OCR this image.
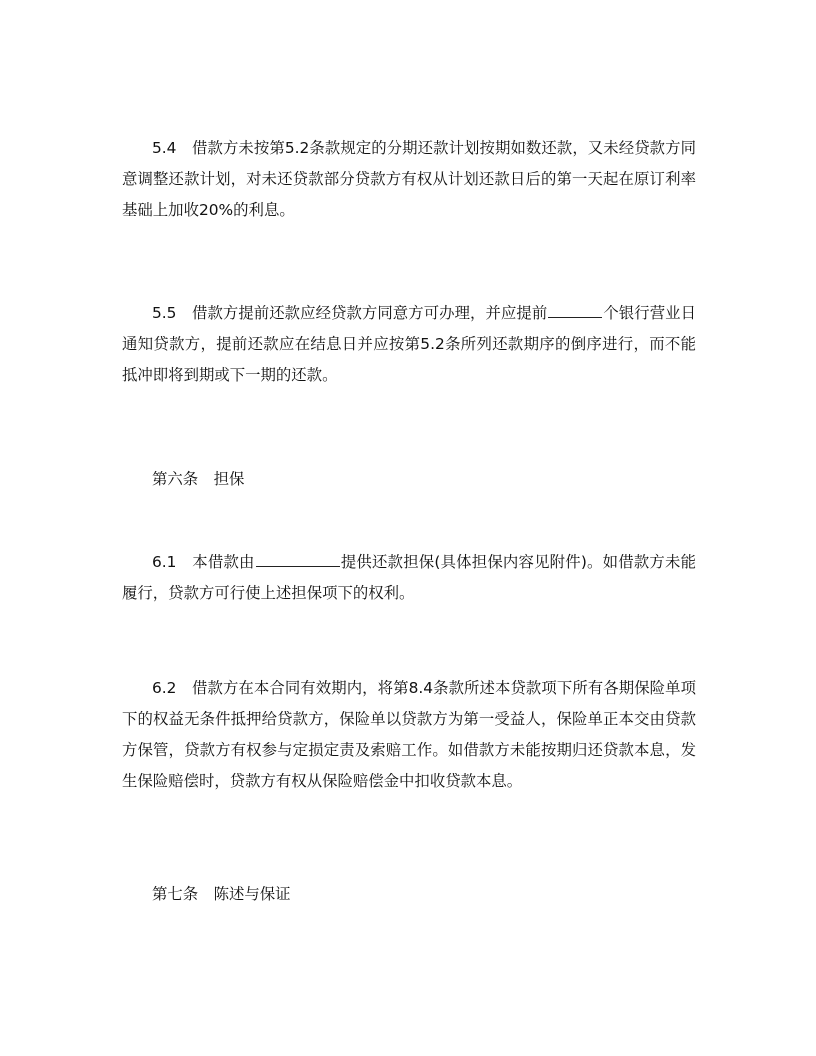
5.4　 借款方未按第5.2条款规定的分期还款计划按期如数还款，又未经贷款方同意调整还款计划，对未还贷款部分贷款方有权从计划还款日后的第一天起在原订利率基础上加收20%的利息。

5.5　 借款方提前还款应经贷款方同意方可办理，并应提前	个银行营业日通知贷款方，提前还款应在结息日并应按第5.2条所列还款期序的倒序进行，而不能抵冲即将到期或下一期的还款。

第六条　担保

6.1　 本借款由	提供还款担保(具体担保内容见附件)。如借款方未能履行，贷款方可行使上述担保项下的权利。

6.2　 借款方在本合同有效期内，将第8.4条款所述本贷款项下所有各期保险单项下的权益无条件抵押给贷款方，保险单以贷款方为第一受益人，保险单正本交由贷款方保管，贷款方有权参与定损定责及索赔工作。如借款方未能按期归还贷款本息，发生保险赔偿时，贷款方有权从保险赔偿金中扣收贷款本息。

第七条　陈述与保证
